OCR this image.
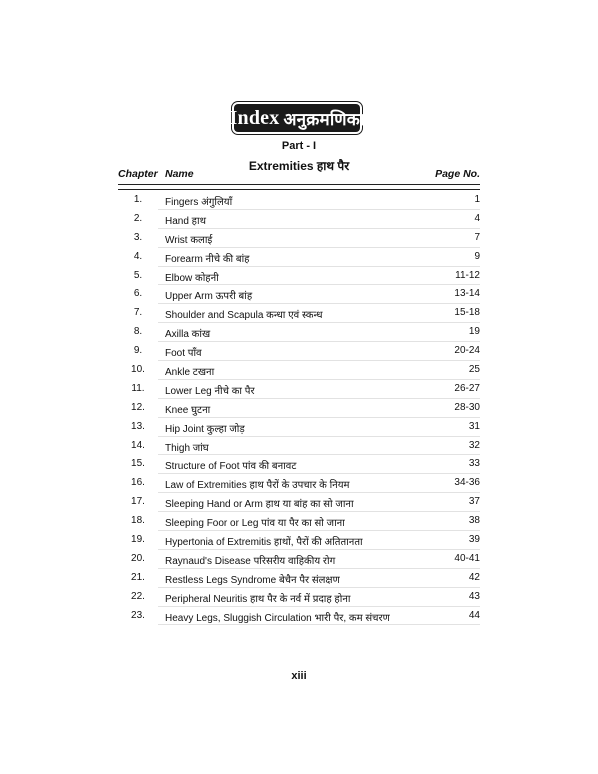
Index अनुक्रमणिका
Part - I
Extremities हाथ पैर
Chapter Name	Page No.
1.	Fingers अंगुलियाँ	1
2.	Hand हाथ	4
3.	Wrist कलाई	7
4.	Forearm नीचे की बांह	9
5.	Elbow कोहनी	11-12
6.	Upper Arm ऊपरी बांह	13-14
7.	Shoulder and Scapula कन्धा एवं स्कन्ध	15-18
8.	Axilla कांख	19
9.	Foot पाँव	20-24
10.	Ankle टखना	25
11.	Lower Leg नीचे का पैर	26-27
12.	Knee घुटना	28-30
13.	Hip Joint कुल्हा जोड़	31
14.	Thigh जांघ	32
15.	Structure of Foot पांव की बनावट	33
16.	Law of Extremities हाथ पैरों के उपचार के नियम	34-36
17.	Sleeping Hand or Arm हाथ या बांह का सो जाना	37
18.	Sleeping Foor or Leg पांव या पैर का सो जाना	38
19.	Hypertonia of Extremitis हाथों, पैरों की अतितानता	39
20.	Raynaud's Disease परिसरीय वाहिकीय रोग	40-41
21.	Restless Legs Syndrome बेचैन पैर संलक्षण	42
22.	Peripheral Neuritis हाथ पैर के नर्व में प्रदाह होना	43
23.	Heavy Legs, Sluggish Circulation भारी पैर, कम संचरण	44
xiii
